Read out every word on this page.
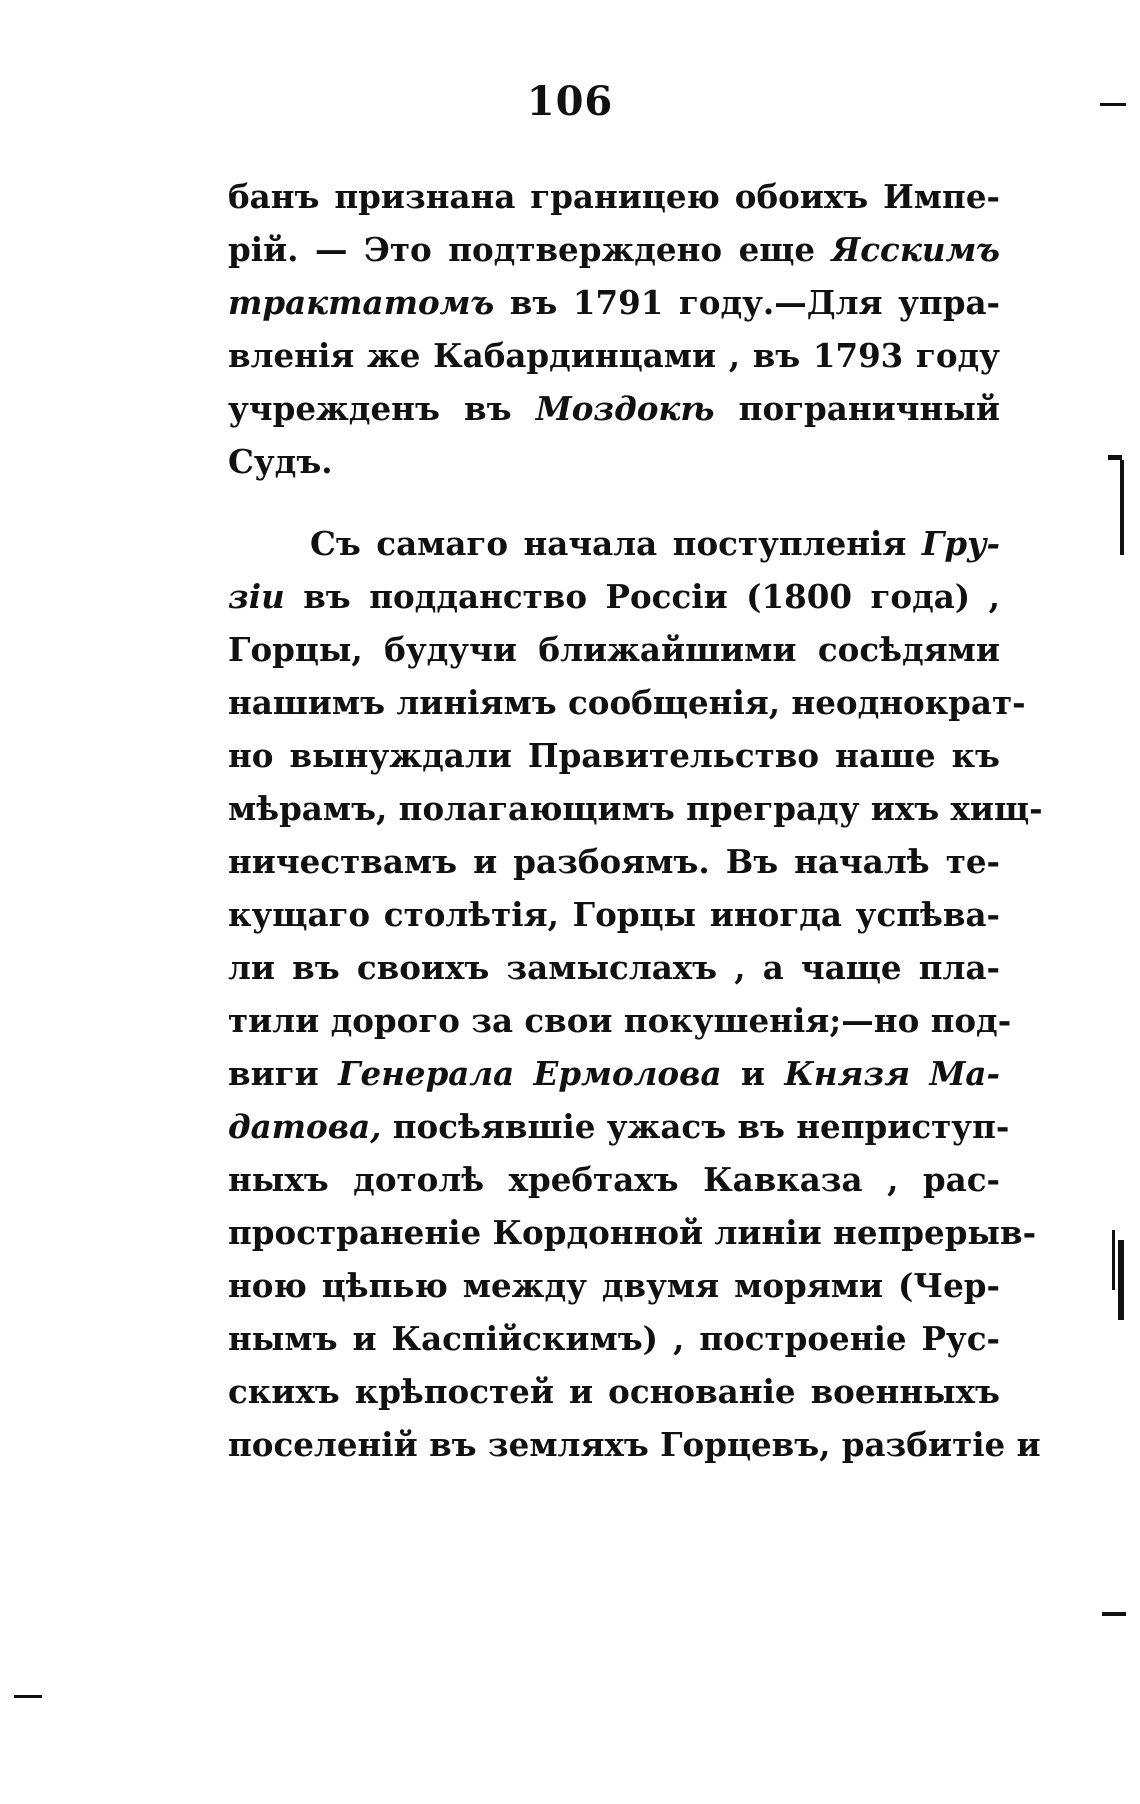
106
банъ признана границею обоихъ Импе-
рій. — Это подтверждено еще Ясскимъ
трактатомъ въ 1791 году.—Для упра-
вленія же Кабардинцами , въ 1793 году
учрежденъ въ Моздокѣ пограничный
Судъ.
Съ самаго начала поступленія Гру-
зіи въ подданство Россіи (1800 года) ,
Горцы, будучи ближайшими сосѣдями
нашимъ линіямъ сообщенія, неоднократ-
но вынуждали Правительство наше къ
мѣрамъ, полагающимъ преграду ихъ хищ-
ничествамъ и разбоямъ. Въ началѣ те-
кущаго столѣтія, Горцы иногда успѣва-
ли въ своихъ замыслахъ , а чаще пла-
тили дорого за свои покушенія;—но под-
виги Генерала Ермолова и Князя Ма-
датова, посѣявшіе ужасъ въ неприступ-
ныхъ дотолѣ хребтахъ Кавказа , рас-
пространеніе Кордонной линіи непрерыв-
ною цѣпью между двумя морями (Чер-
нымъ и Каспійскимъ) , построеніе Рус-
скихъ крѣпостей и основаніе военныхъ
поселеній въ земляхъ Горцевъ, разбитіе и
